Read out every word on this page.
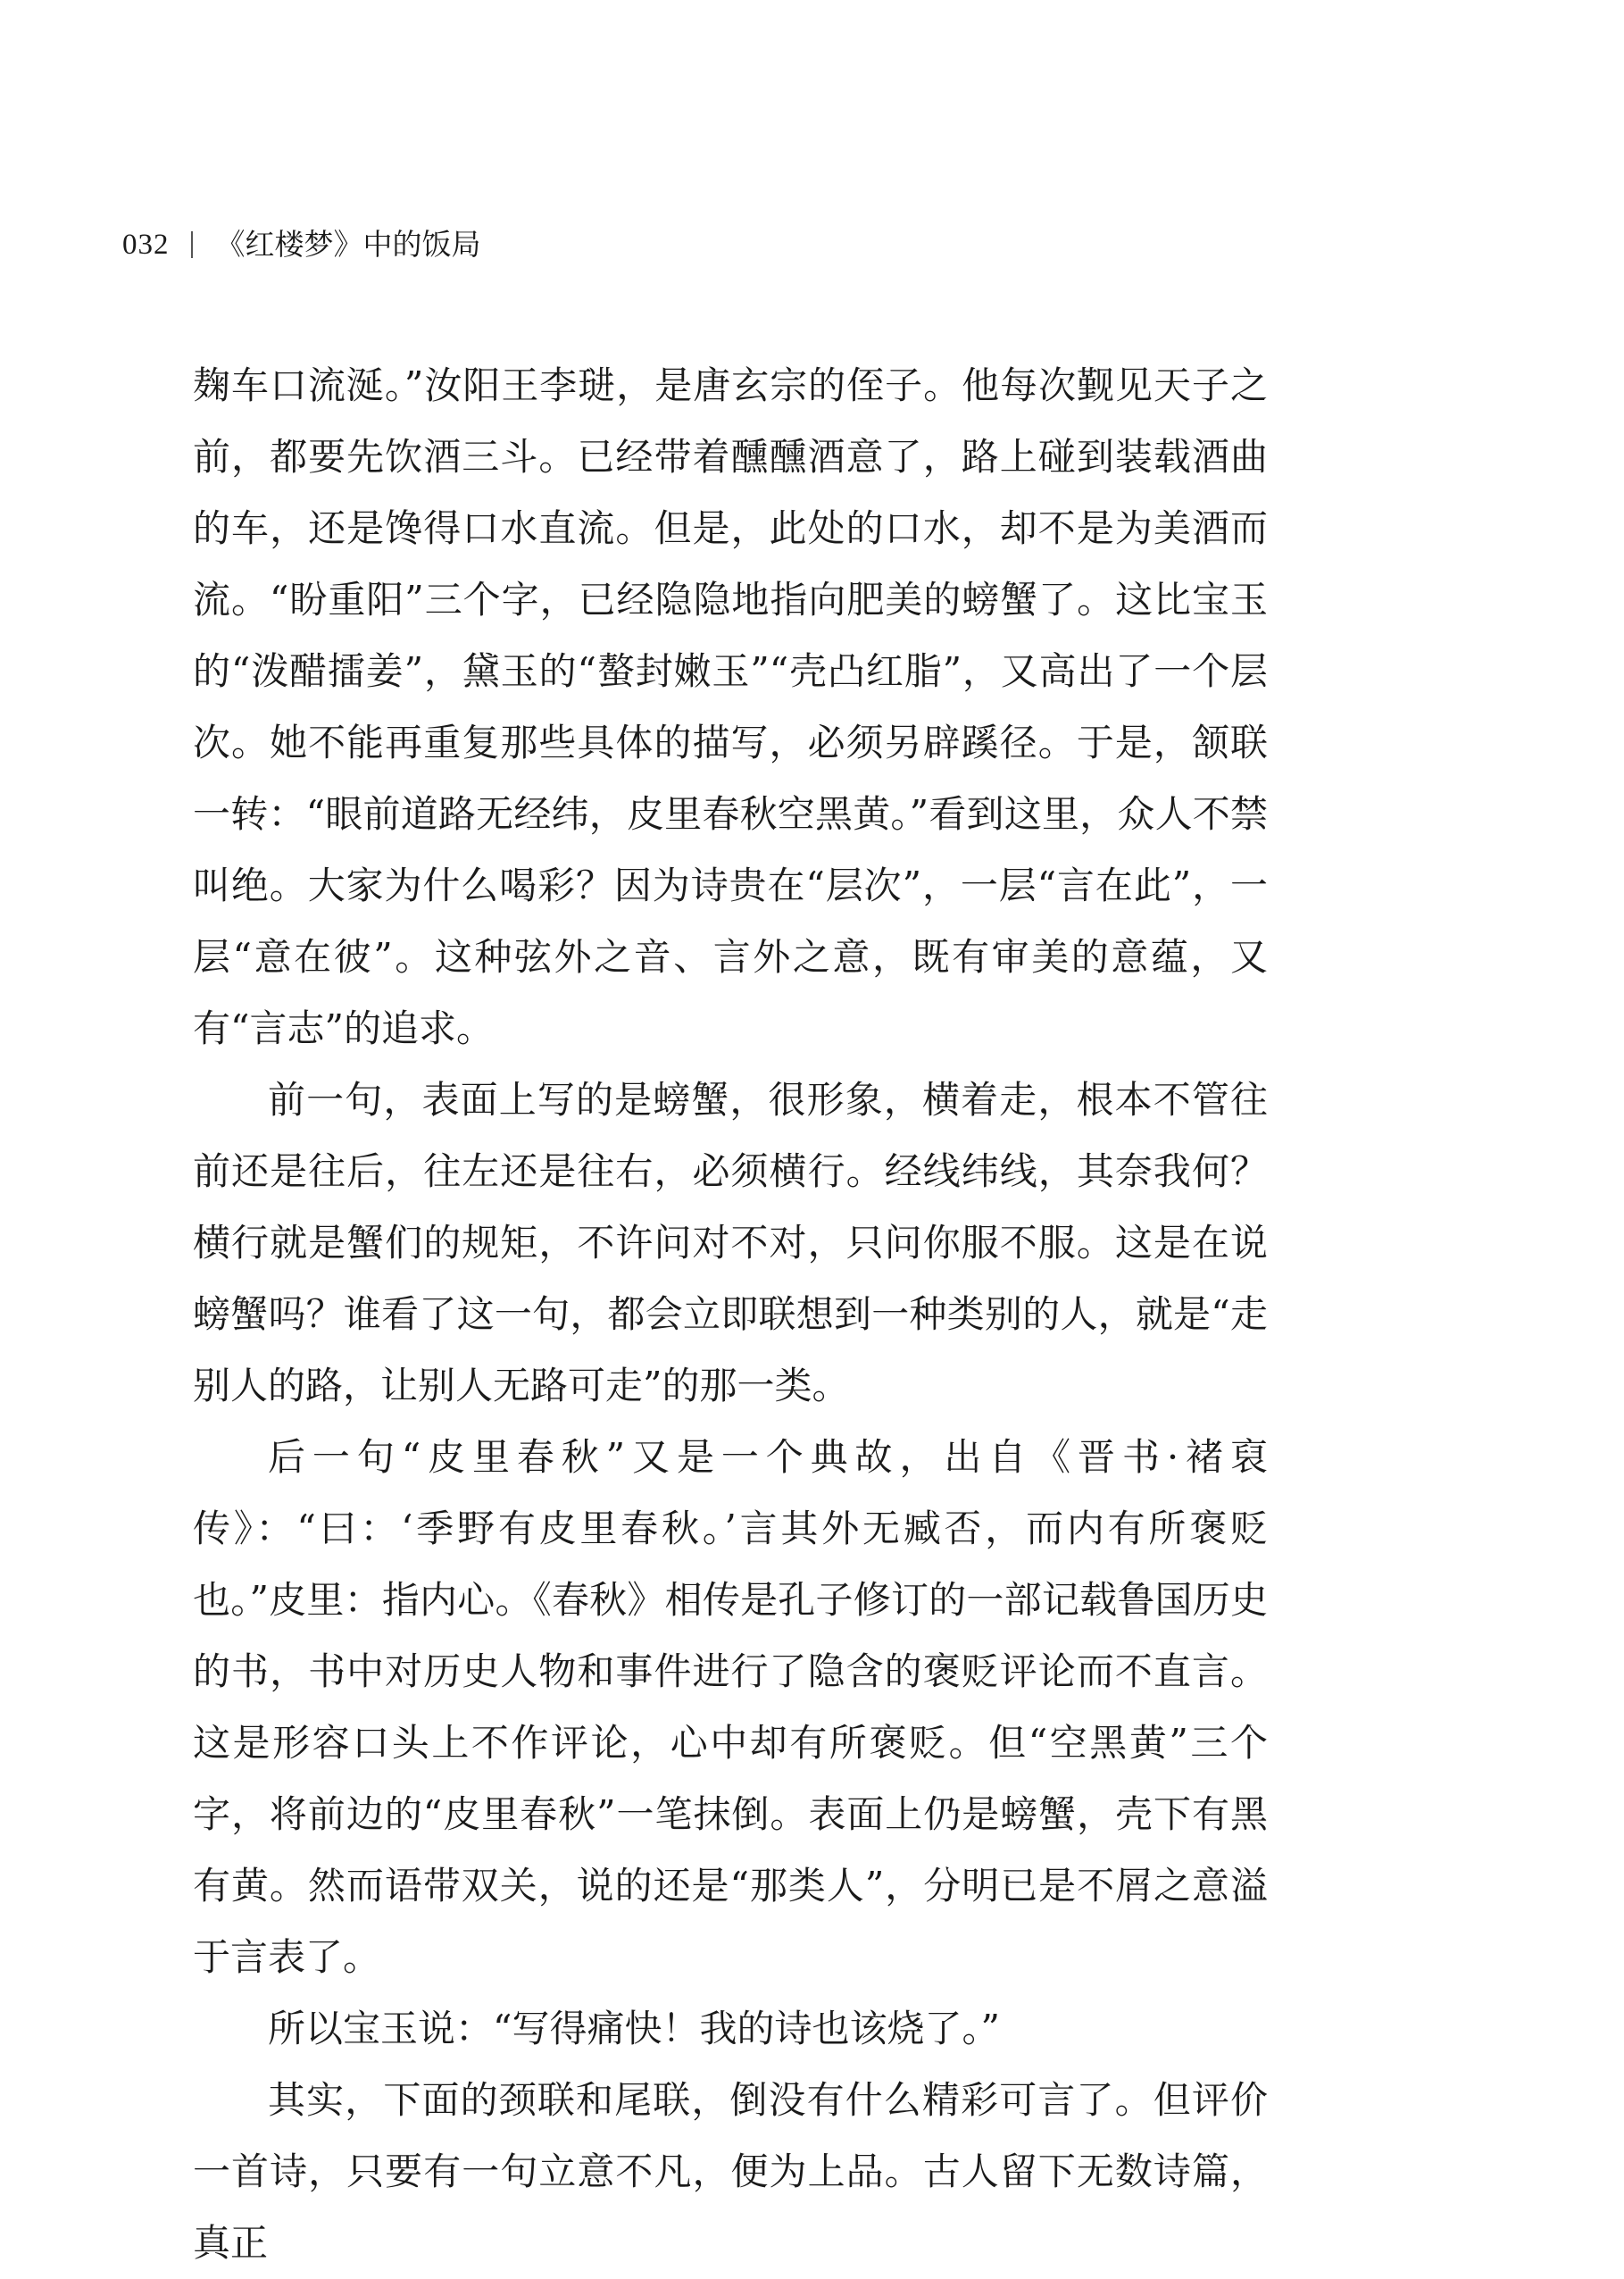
032 《红楼梦》中的饭局

麹车口流涎。”汝阳王李琎，是唐玄宗的侄子。他每次觐见天子之前，都要先饮酒三斗。已经带着醺醺酒意了，路上碰到装载酒曲的车，还是馋得口水直流。但是，此处的口水，却不是为美酒而流。“盼重阳”三个字，已经隐隐地指向肥美的螃蟹了。这比宝玉的“泼醋擂姜”，黛玉的“螯封嫩玉”“壳凸红脂”，又高出了一个层次。她不能再重复那些具体的描写，必须另辟蹊径。于是，颔联一转：“眼前道路无经纬，皮里春秋空黑黄。”看到这里，众人不禁叫绝。大家为什么喝彩？因为诗贵在“层次”，一层“言在此”，一层“意在彼”。这种弦外之音、言外之意，既有审美的意蕴，又有“言志”的追求。

前一句，表面上写的是螃蟹，很形象，横着走，根本不管往前还是往后，往左还是往右，必须横行。经线纬线，其奈我何？横行就是蟹们的规矩，不许问对不对，只问你服不服。这是在说螃蟹吗？谁看了这一句，都会立即联想到一种类别的人，就是“走别人的路，让别人无路可走”的那一类。

后一句“皮里春秋”又是一个典故，出自《晋书·褚裒传》：“曰：‘季野有皮里春秋。’言其外无臧否，而内有所褒贬也。”皮里：指内心。《春秋》相传是孔子修订的一部记载鲁国历史的书，书中对历史人物和事件进行了隐含的褒贬评论而不直言。这是形容口头上不作评论，心中却有所褒贬。但“空黑黄”三个字，将前边的“皮里春秋”一笔抹倒。表面上仍是螃蟹，壳下有黑有黄。然而语带双关，说的还是“那类人”，分明已是不屑之意溢于言表了。

所以宝玉说：“写得痛快！我的诗也该烧了。”

其实，下面的颈联和尾联，倒没有什么精彩可言了。但评价一首诗，只要有一句立意不凡，便为上品。古人留下无数诗篇，真正
